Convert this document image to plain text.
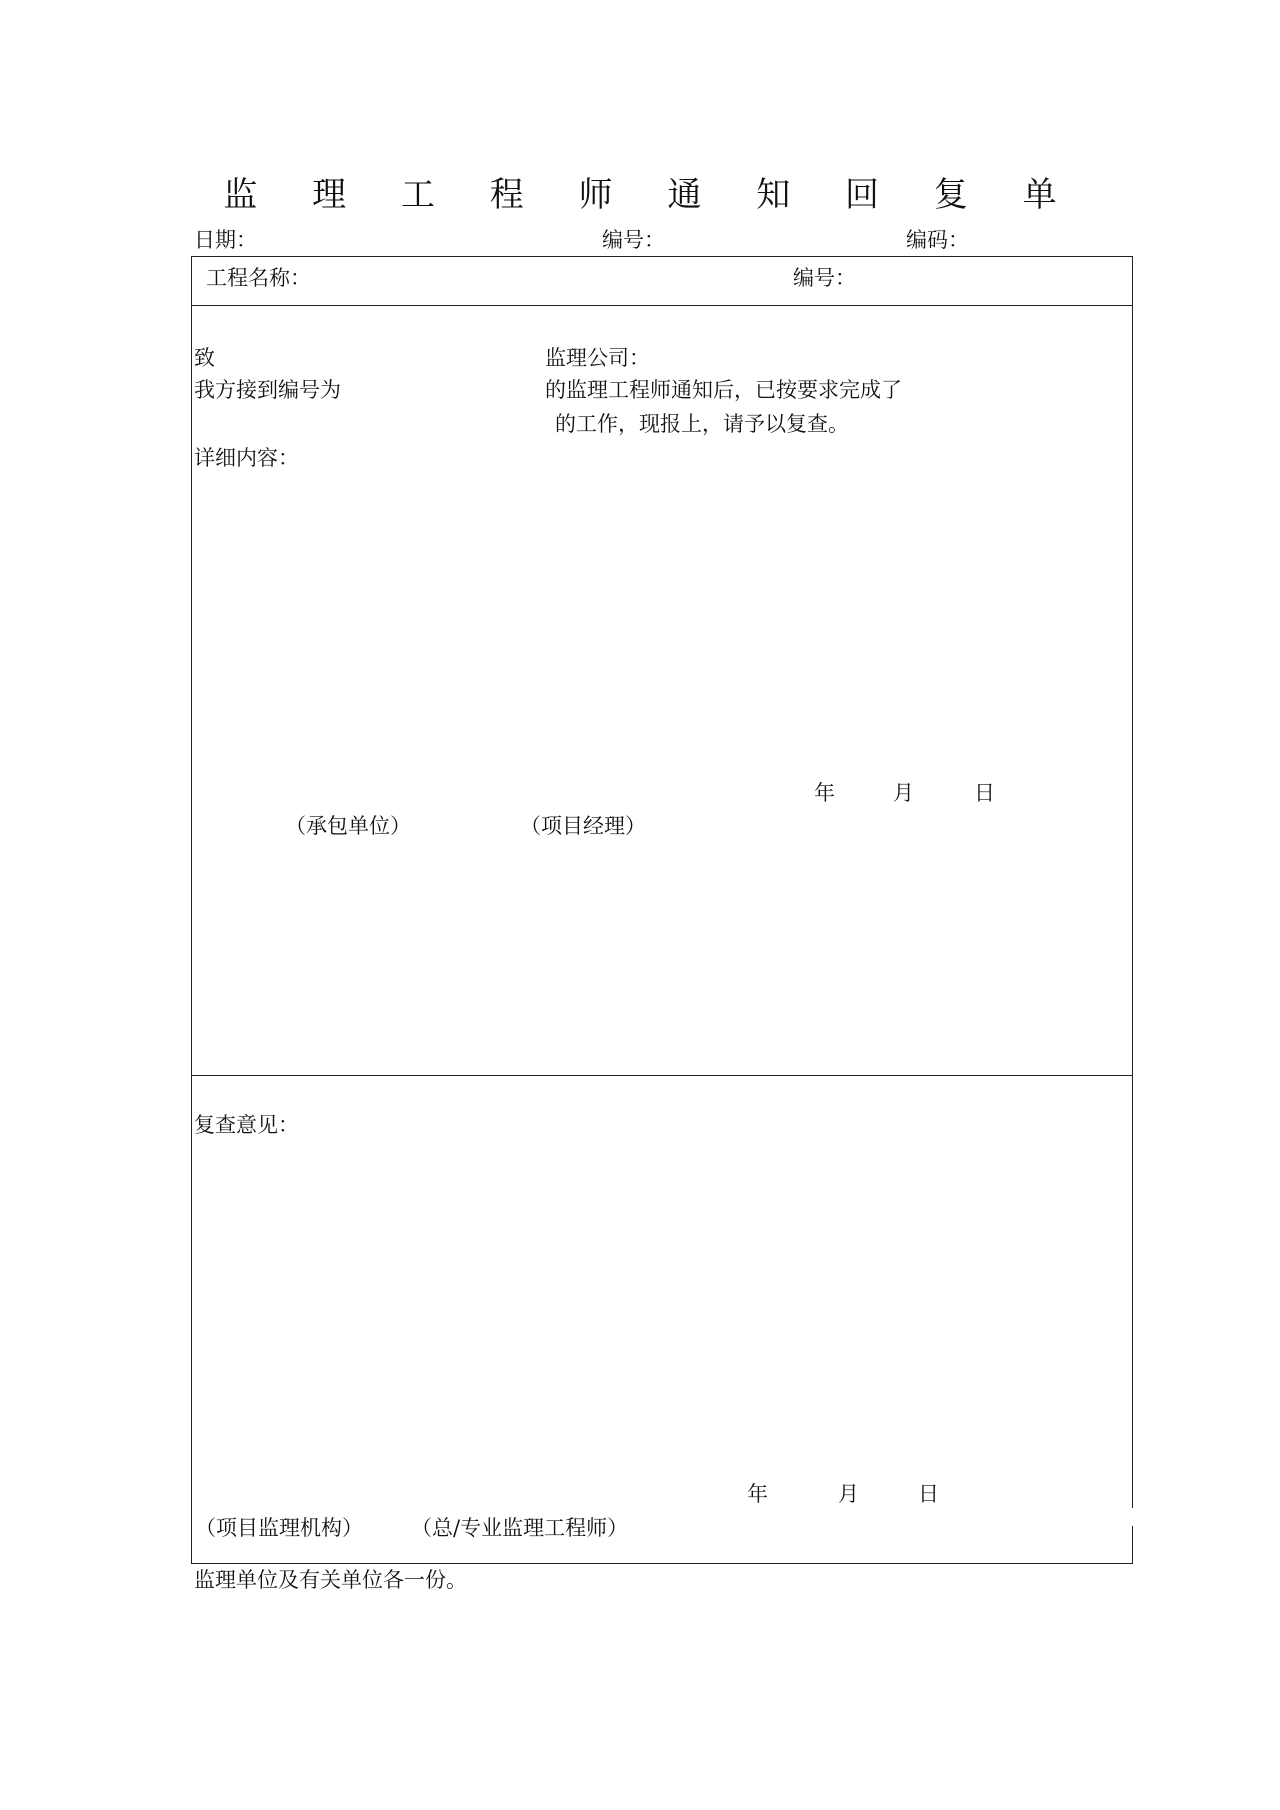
监 理 工 程 师 通 知 回 复 单
日期：	编号：	编码：
工程名称：	编号：
致	监理公司：
我方接到编号为	的监理工程师通知后，已按要求完成了
的工作，现报上，请予以复查。
详细内容：
年	月	日
（承包单位）	（项目经理）
复查意见：
年	月	日
（项目监理机构） （总/专业监理工程师）
监理单位及有关单位各一份。
